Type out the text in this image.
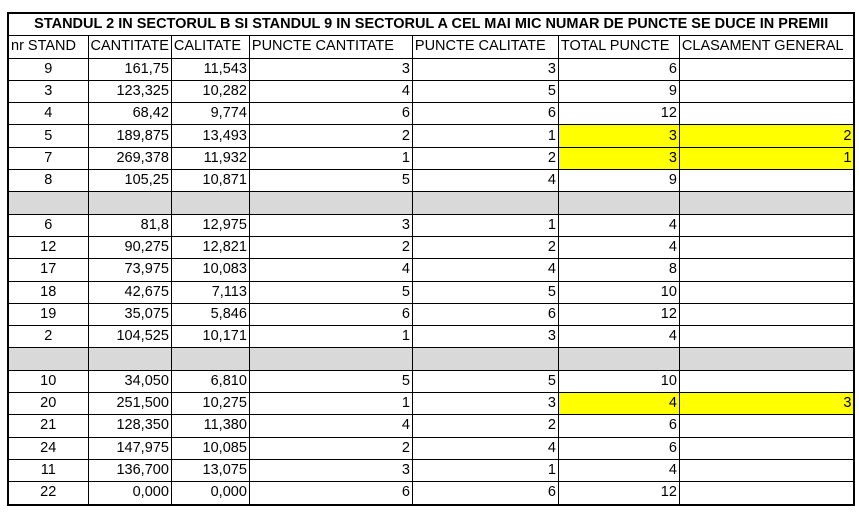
STANDUL 2 IN SECTORUL B SI STANDUL 9 IN SECTORUL A CEL MAI MIC NUMAR DE PUNCTE SE DUCE IN PREMII						
nr STAND	CANTITATE	CALITATE	PUNCTE CANTITATE	PUNCTE CALITATE	TOTAL PUNCTE	CLASAMENT GENERAL
9	161,75	11,543	3	3	6	
3	123,325	10,282	4	5	9	
4	68,42	9,774	6	6	12	
5	189,875	13,493	2	1	3	2
7	269,378	11,932	1	2	3	1
8	105,25	10,871	5	4	9	

6	81,8	12,975	3	1	4	
12	90,275	12,821	2	2	4	
17	73,975	10,083	4	4	8	
18	42,675	7,113	5	5	10	
19	35,075	5,846	6	6	12	
2	104,525	10,171	1	3	4	

10	34,050	6,810	5	5	10	
20	251,500	10,275	1	3	4	3
21	128,350	11,380	4	2	6	
24	147,975	10,085	2	4	6	
11	136,700	13,075	3	1	4	
22	0,000	0,000	6	6	12	
